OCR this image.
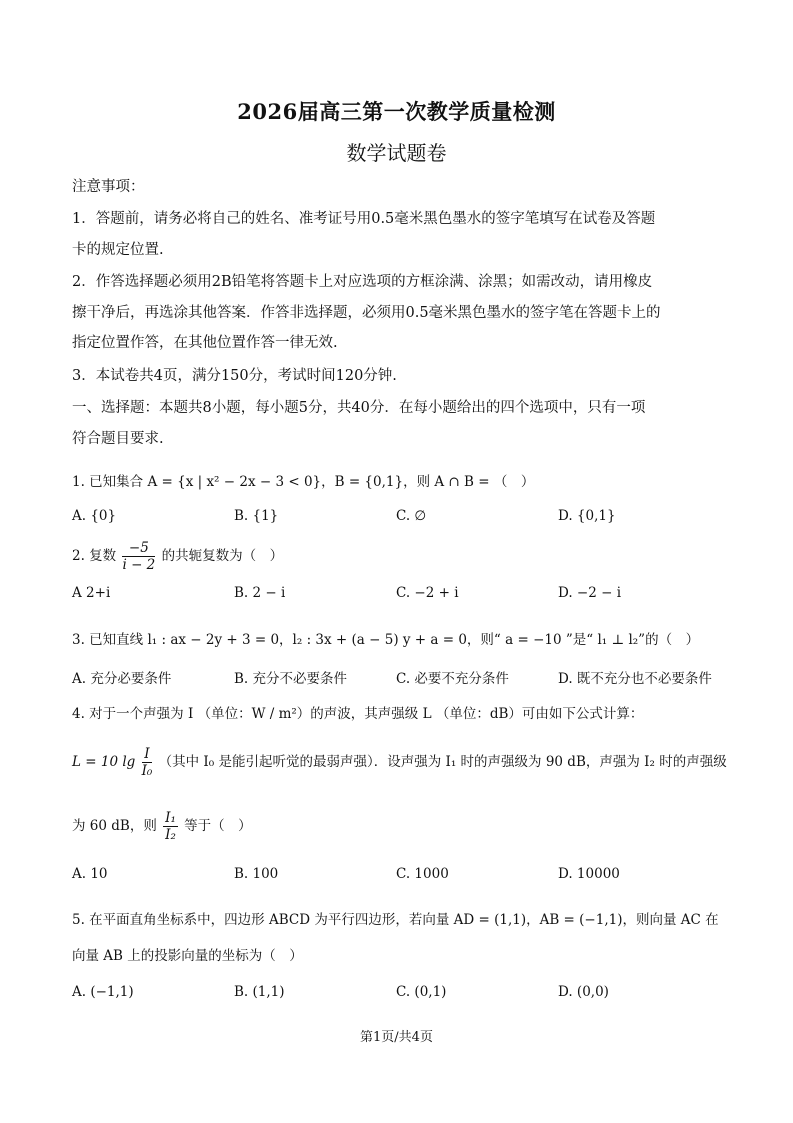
2026届高三第一次教学质量检测
数学试题卷
注意事项：
1．答题前，请务必将自己的姓名、准考证号用0.5毫米黑色墨水的签字笔填写在试卷及答题
卡的规定位置.
2．作答选择题必须用2B铅笔将答题卡上对应选项的方框涂满、涂黑；如需改动，请用橡皮
擦干净后，再选涂其他答案．作答非选择题，必须用0.5毫米黑色墨水的签字笔在答题卡上的
指定位置作答，在其他位置作答一律无效.
3．本试卷共4页，满分150分，考试时间120分钟.
一、选择题：本题共8小题，每小题5分，共40分．在每小题给出的四个选项中，只有一项
符合题目要求.
1. 已知集合 A = {x | x² − 2x − 3 < 0}，B = {0,1}，则 A ∩ B = （　）
A. {0}	B. {1}	C. ∅	D. {0,1}
2. 复数 $\frac{-5}{i - 2}$ 的共轭复数为（　）
A 2+i	B. 2 − i	C. −2 + i	D. −2 − i
3. 已知直线 l₁ : ax − 2y + 3 = 0，l₂ : 3x + (a − 5) y + a = 0，则“ a = −10 ”是“ l₁ ⊥ l₂”的（　）
A. 充分必要条件	B. 充分不必要条件	C. 必要不充分条件	D. 既不充分也不必要条件
4. 对于一个声强为 I （单位：W / m²）的声波，其声强级 L （单位：dB）可由如下公式计算：
L = 10 $\lg \frac{I}{\text{I₀}}$ （其中 I₀ 是能引起听觉的最弱声强）．设声强为 I₁ 时的声强级为 90 dB，声强为 I₂ 时的声强级
为 60 dB，则 $\frac{\text{I₁}}{\text{I₂}}$ 等于（　）
A. 10	B. 100	C. 1000	D. 10000
5. 在平面直角坐标系中，四边形 ABCD 为平行四边形，若向量 AD = (1,1)，AB = (−1,1)，则向量 AC 在
向量 AB 上的投影向量的坐标为（　）
A. (−1,1)	B. (1,1)	C. (0,1)	D. (0,0)
第1页/共4页
